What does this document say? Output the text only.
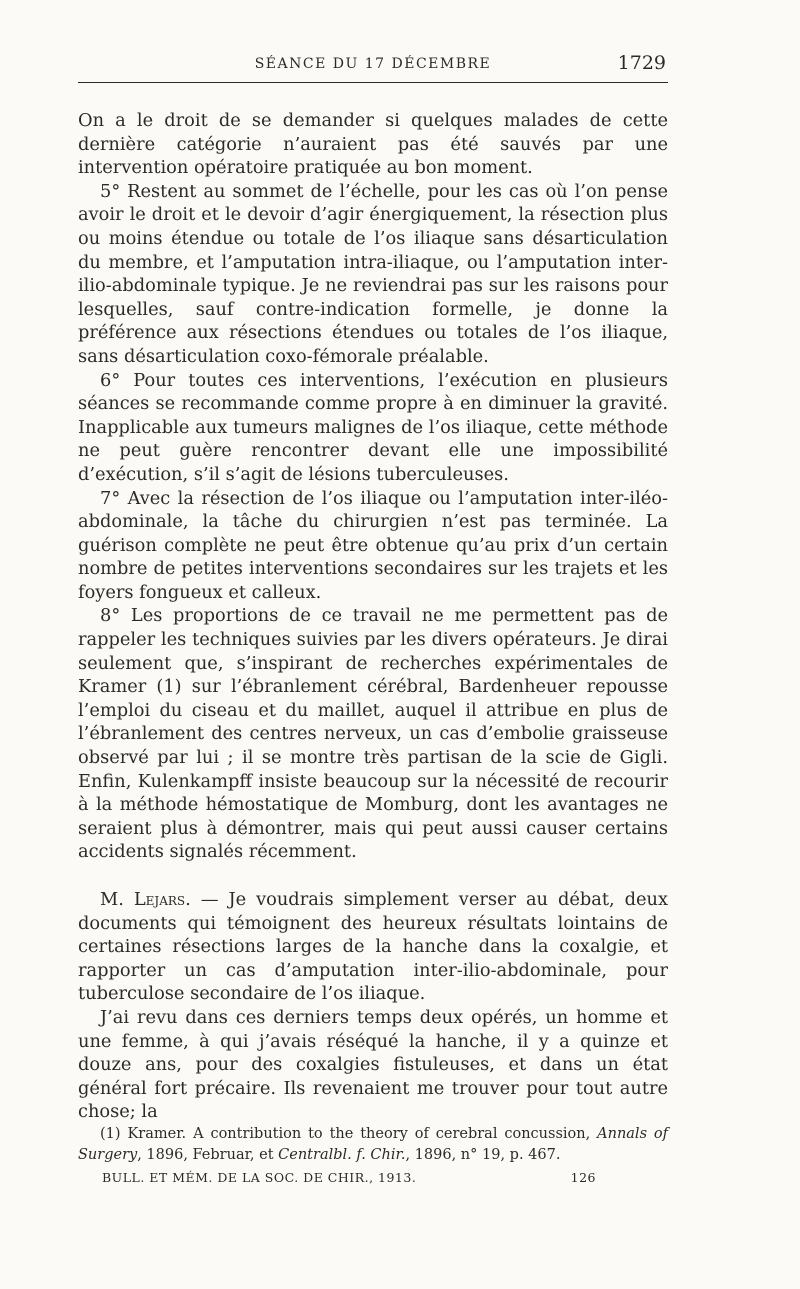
SÉANCE DU 17 DÉCEMBRE	1729

On a le droit de se demander si quelques malades de cette dernière catégorie n’auraient pas été sauvés par une intervention opératoire pratiquée au bon moment.

5° Restent au sommet de l’échelle, pour les cas où l’on pense avoir le droit et le devoir d’agir énergiquement, la résection plus ou moins étendue ou totale de l’os iliaque sans désarticulation du membre, et l’amputation intra-iliaque, ou l’amputation inter-ilio-abdominale typique. Je ne reviendrai pas sur les raisons pour lesquelles, sauf contre-indication formelle, je donne la préférence aux résections étendues ou totales de l’os iliaque, sans désarticulation coxo-fémorale préalable.

6° Pour toutes ces interventions, l’exécution en plusieurs séances se recommande comme propre à en diminuer la gravité. Inapplicable aux tumeurs malignes de l’os iliaque, cette méthode ne peut guère rencontrer devant elle une impossibilité d’exécution, s’il s’agit de lésions tuberculeuses.

7° Avec la résection de l’os iliaque ou l’amputation inter-iléo-abdominale, la tâche du chirurgien n’est pas terminée. La guérison complète ne peut être obtenue qu’au prix d’un certain nombre de petites interventions secondaires sur les trajets et les foyers fongueux et calleux.

8° Les proportions de ce travail ne me permettent pas de rappeler les techniques suivies par les divers opérateurs. Je dirai seulement que, s’inspirant de recherches expérimentales de Kramer (1) sur l’ébranlement cérébral, Bardenheuer repousse l’emploi du ciseau et du maillet, auquel il attribue en plus de l’ébranlement des centres nerveux, un cas d’embolie graisseuse observé par lui ; il se montre très partisan de la scie de Gigli. Enfin, Kulenkampff insiste beaucoup sur la nécessité de recourir à la méthode hémostatique de Momburg, dont les avantages ne seraient plus à démontrer, mais qui peut aussi causer certains accidents signalés récemment.

M. Lejars. — Je voudrais simplement verser au débat, deux documents qui témoignent des heureux résultats lointains de certaines résections larges de la hanche dans la coxalgie, et rapporter un cas d’amputation inter-ilio-abdominale, pour tuberculose secondaire de l’os iliaque.

J’ai revu dans ces derniers temps deux opérés, un homme et une femme, à qui j’avais réséqué la hanche, il y a quinze et douze ans, pour des coxalgies fistuleuses, et dans un état général fort précaire. Ils revenaient me trouver pour tout autre chose; la

(1) Kramer. A contribution to the theory of cerebral concussion, Annals of Surgery, 1896, Februar, et Centralbl. f. Chir., 1896, n° 19, p. 467.
BULL. ET MÉM. DE LA SOC. DE CHIR., 1913.	126
